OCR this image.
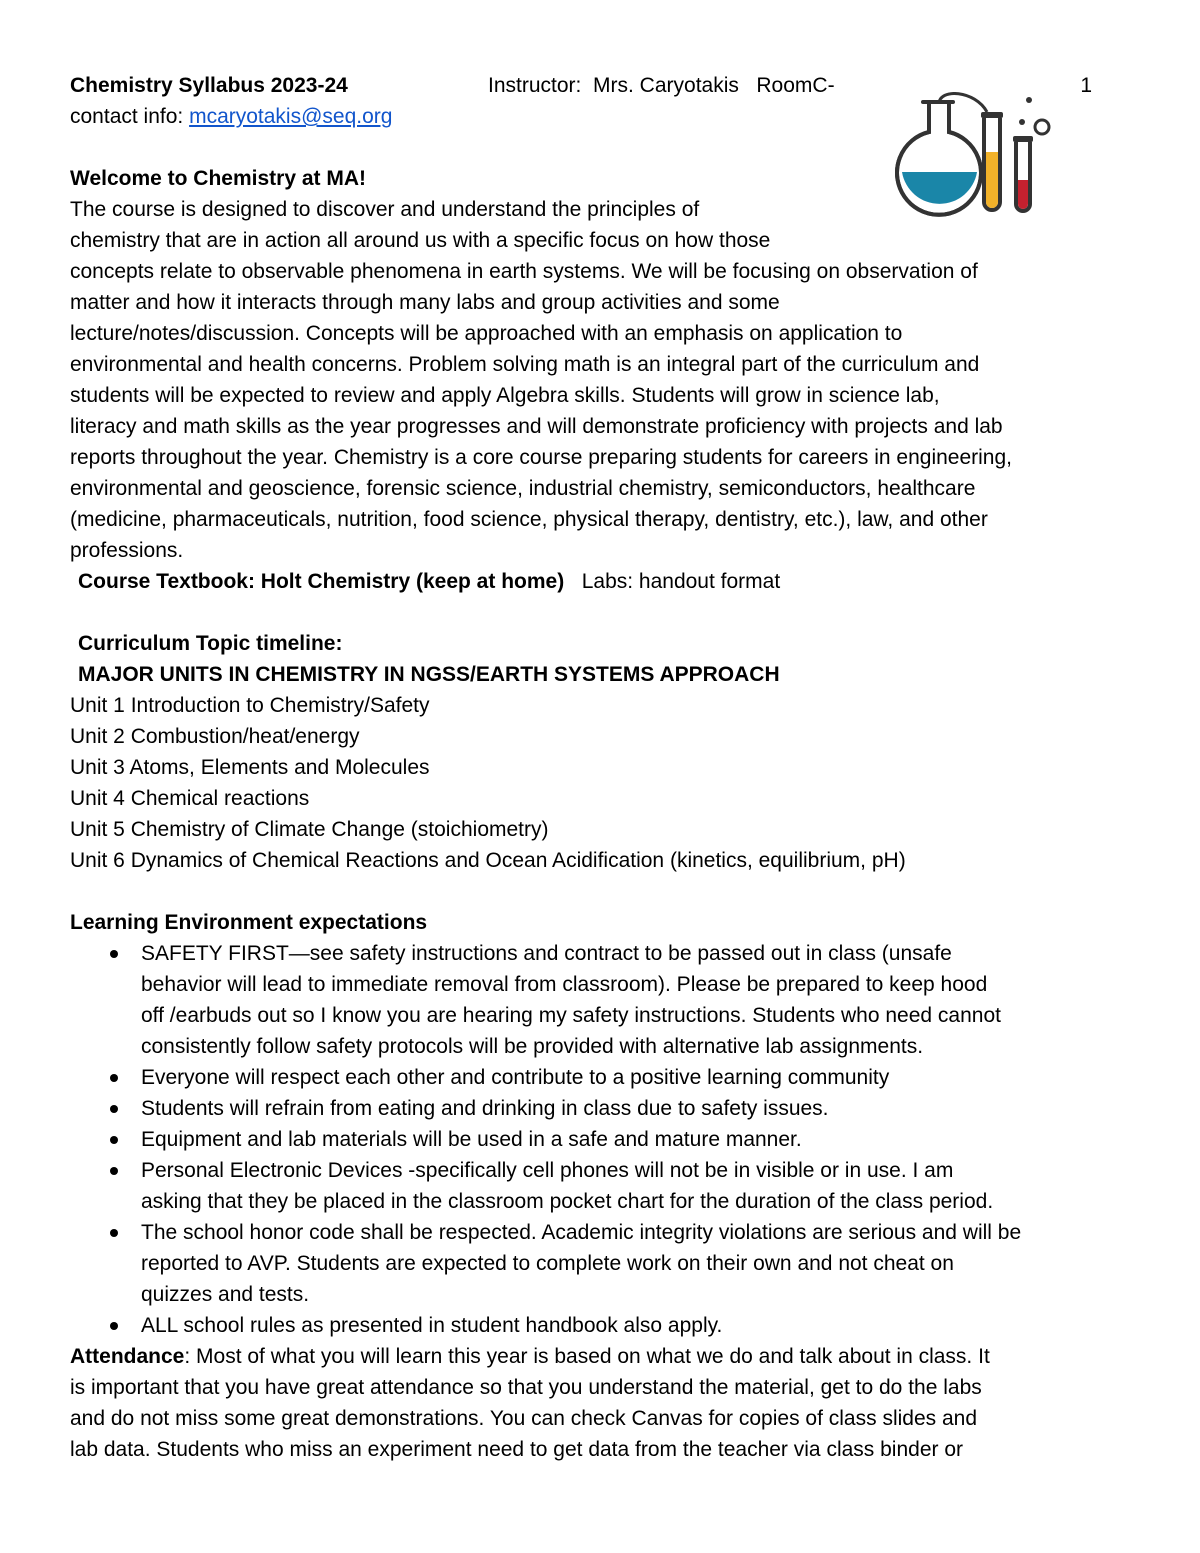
Chemistry Syllabus 2023-24	Instructor:  Mrs. Caryotakis   RoomC-	1
contact info: mcaryotakis@seq.org
Welcome to Chemistry at MA!
The course is designed to discover and understand the principles of
chemistry that are in action all around us with a specific focus on how those
concepts relate to observable phenomena in earth systems. We will be focusing on observation of
matter and how it interacts through many labs and group activities and some
lecture/notes/discussion. Concepts will be approached with an emphasis on application to
environmental and health concerns. Problem solving math is an integral part of the curriculum and
students will be expected to review and apply Algebra skills. Students will grow in science lab,
literacy and math skills as the year progresses and will demonstrate proficiency with projects and lab
reports throughout the year. Chemistry is a core course preparing students for careers in engineering,
environmental and geoscience, forensic science, industrial chemistry, semiconductors, healthcare
(medicine, pharmaceuticals, nutrition, food science, physical therapy, dentistry, etc.), law, and other
professions.
Course Textbook: Holt Chemistry (keep at home)   Labs: handout format
Curriculum Topic timeline:
MAJOR UNITS IN CHEMISTRY IN NGSS/EARTH SYSTEMS APPROACH
Unit 1 Introduction to Chemistry/Safety
Unit 2 Combustion/heat/energy
Unit 3 Atoms, Elements and Molecules
Unit 4 Chemical reactions
Unit 5 Chemistry of Climate Change (stoichiometry)
Unit 6 Dynamics of Chemical Reactions and Ocean Acidification (kinetics, equilibrium, pH)
Learning Environment expectations
SAFETY FIRST—see safety instructions and contract to be passed out in class (unsafe
behavior will lead to immediate removal from classroom). Please be prepared to keep hood
off /earbuds out so I know you are hearing my safety instructions. Students who need cannot
consistently follow safety protocols will be provided with alternative lab assignments.
Everyone will respect each other and contribute to a positive learning community
Students will refrain from eating and drinking in class due to safety issues.
Equipment and lab materials will be used in a safe and mature manner.
Personal Electronic Devices -specifically cell phones will not be in visible or in use. I am
asking that they be placed in the classroom pocket chart for the duration of the class period.
The school honor code shall be respected. Academic integrity violations are serious and will be
reported to AVP. Students are expected to complete work on their own and not cheat on
quizzes and tests.
ALL school rules as presented in student handbook also apply.
Attendance: Most of what you will learn this year is based on what we do and talk about in class. It
is important that you have great attendance so that you understand the material, get to do the labs
and do not miss some great demonstrations. You can check Canvas for copies of class slides and
lab data. Students who miss an experiment need to get data from the teacher via class binder or
